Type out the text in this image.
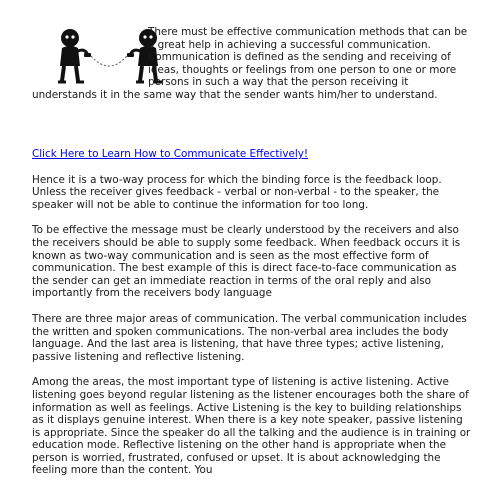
There must be effective communication methods that can be a great help in achieving a successful communication. Communication is defined as the sending and receiving of ideas, thoughts or feelings from one person to one or more persons in such a way that the person receiving it understands it in the same way that the sender wants him/her to understand.

Click Here to Learn How to Communicate Effectively!

Hence it is a two-way process for which the binding force is the feedback loop. Unless the receiver gives feedback - verbal or non-verbal - to the speaker, the speaker will not be able to continue the information for too long.

To be effective the message must be clearly understood by the receivers and also the receivers should be able to supply some feedback. When feedback occurs it is known as two-way communication and is seen as the most effective form of communication. The best example of this is direct face-to-face communication as the sender can get an immediate reaction in terms of the oral reply and also importantly from the receivers body language

There are three major areas of communication. The verbal communication includes the written and spoken communications. The non-verbal area includes the body language. And the last area is listening, that have three types; active listening, passive listening and reflective listening.

Among the areas, the most important type of listening is active listening. Active listening goes beyond regular listening as the listener encourages both the share of information as well as feelings. Active Listening is the key to building relationships as it displays genuine interest. When there is a key note speaker, passive listening is appropriate. Since the speaker do all the talking and the audience is in training or education mode. Reflective listening on the other hand is appropriate when the person is worried, frustrated, confused or upset. It is about acknowledging the feeling more than the content. You
